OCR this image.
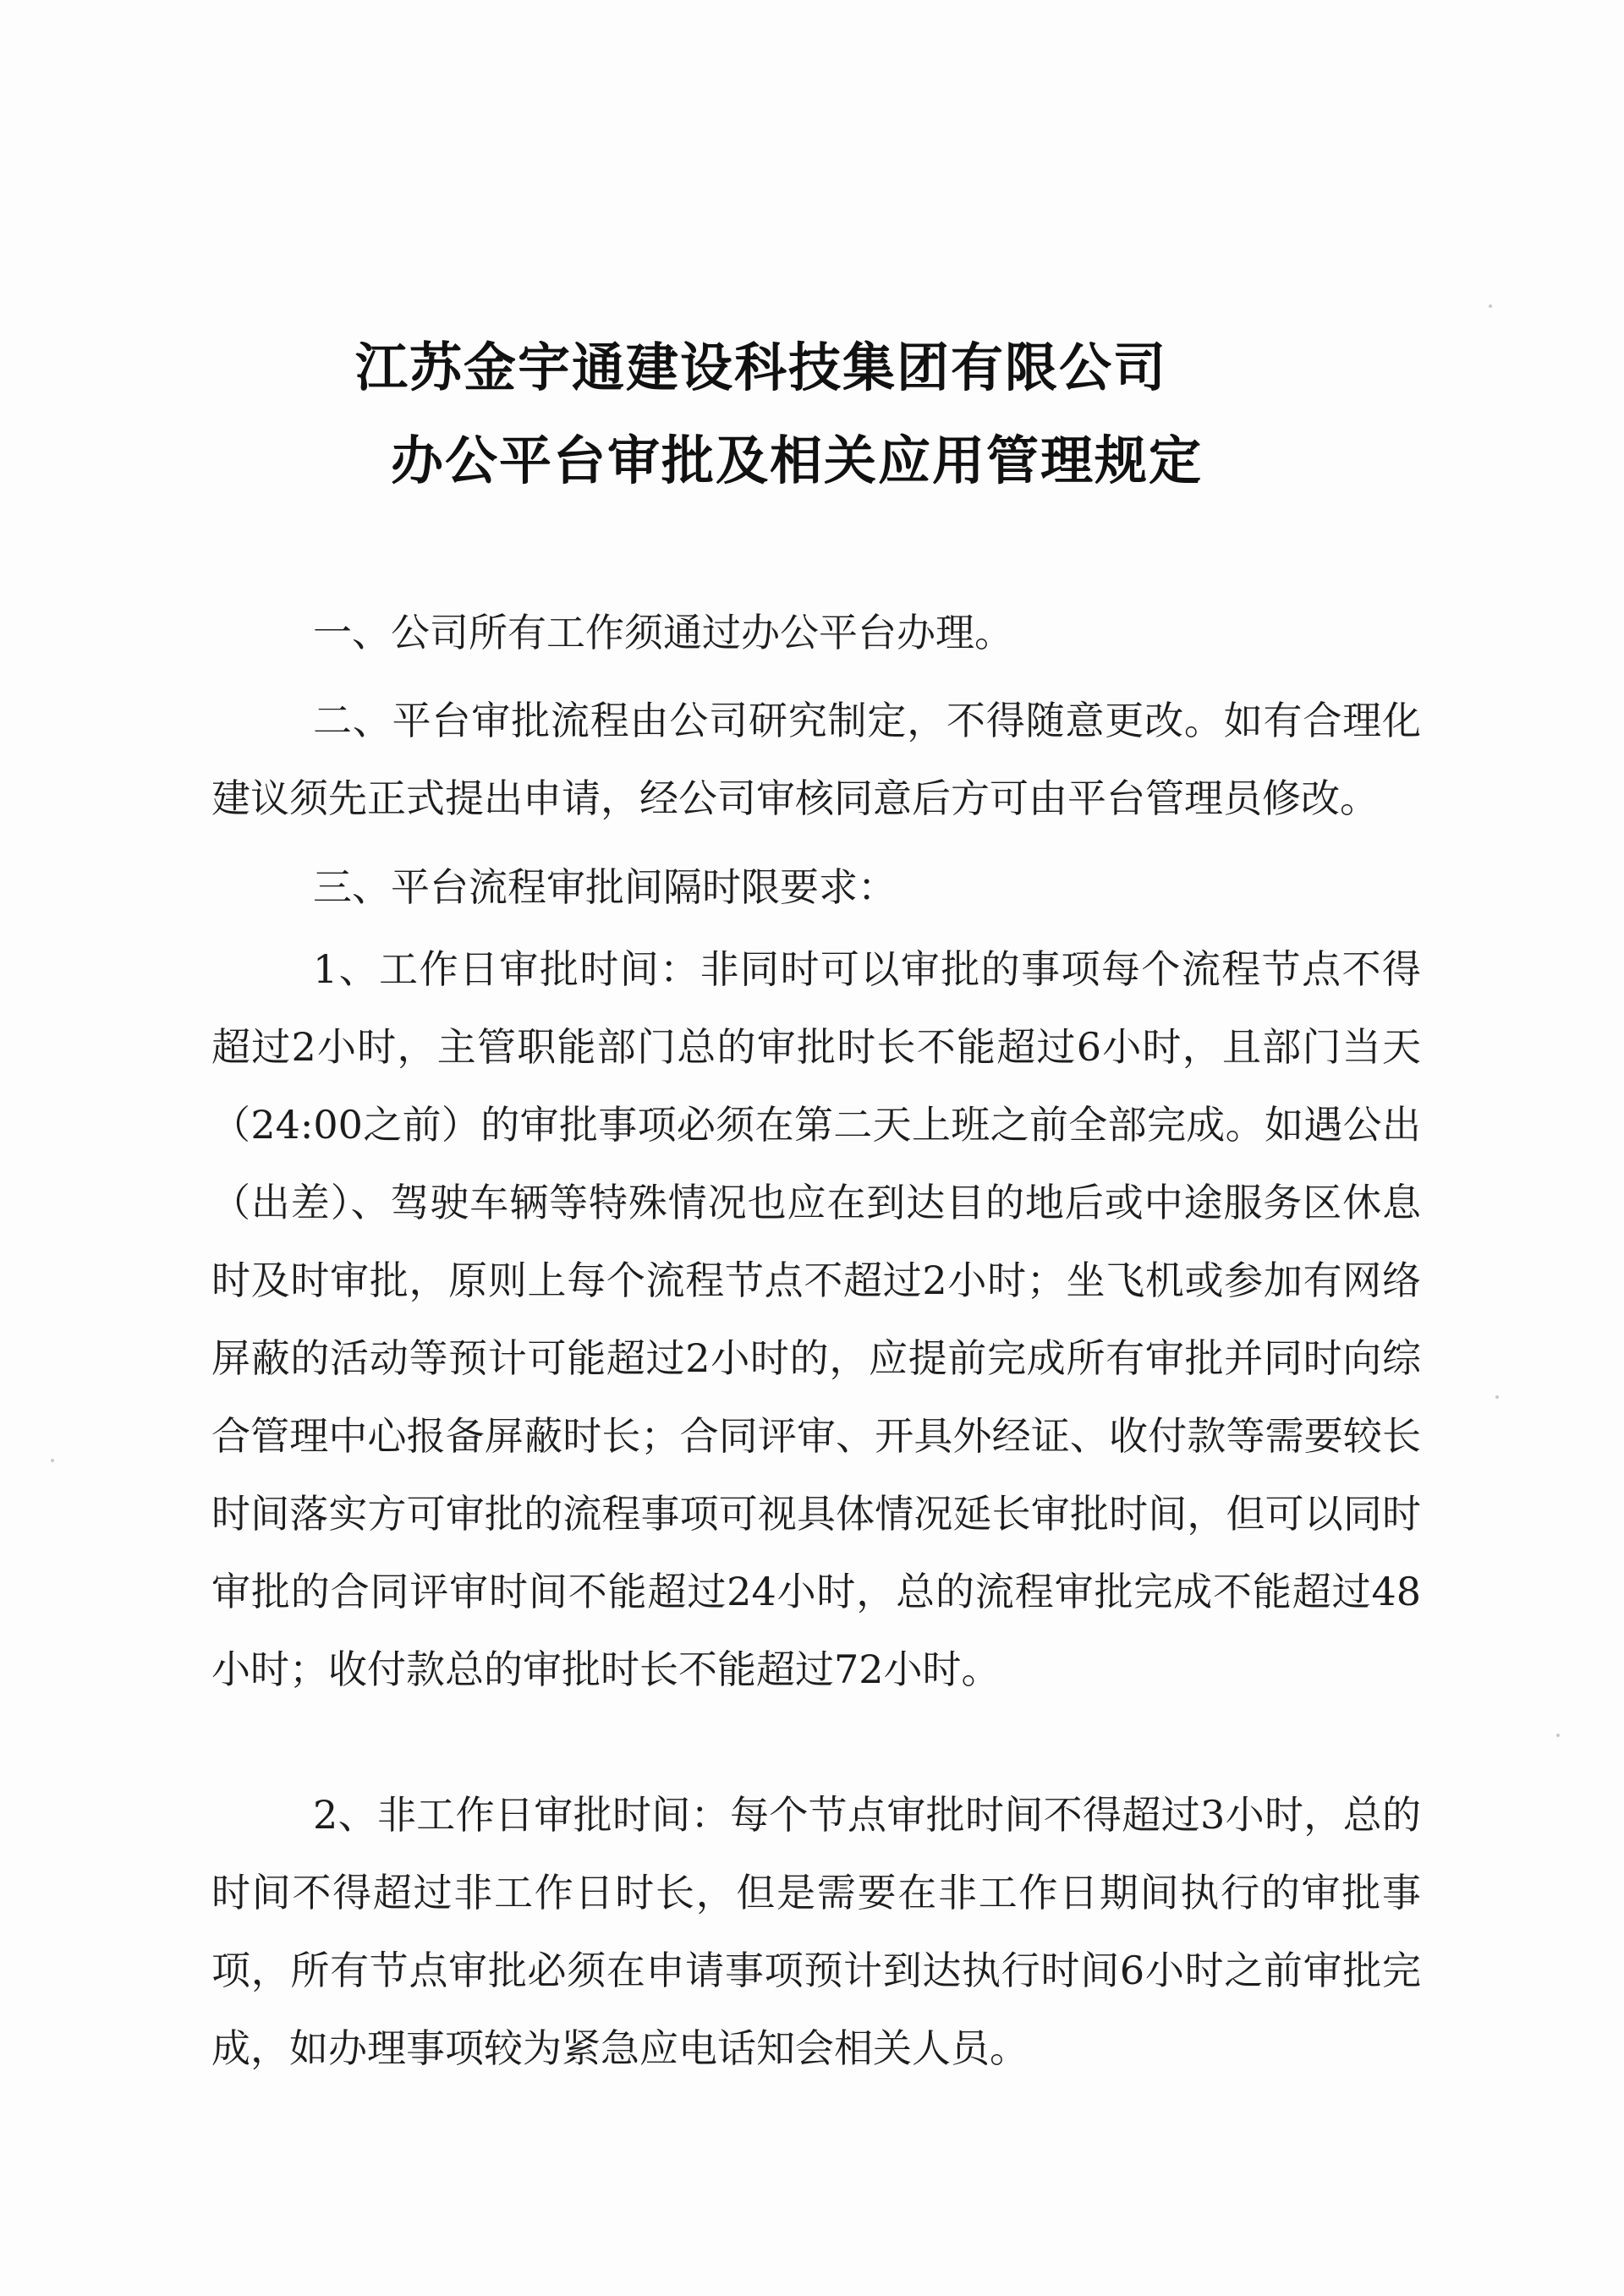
江苏金宇通建设科技集团有限公司
办公平台审批及相关应用管理规定

一、公司所有工作须通过办公平台办理。

二、平台审批流程由公司研究制定，不得随意更改。如有合理化建议须先正式提出申请，经公司审核同意后方可由平台管理员修改。

三、平台流程审批间隔时限要求：

1、工作日审批时间：非同时可以审批的事项每个流程节点不得超过2小时，主管职能部门总的审批时长不能超过6小时，且部门当天（24:00之前）的审批事项必须在第二天上班之前全部完成。如遇公出（出差）、驾驶车辆等特殊情况也应在到达目的地后或中途服务区休息时及时审批，原则上每个流程节点不超过2小时；坐飞机或参加有网络屏蔽的活动等预计可能超过2小时的，应提前完成所有审批并同时向综合管理中心报备屏蔽时长；合同评审、开具外经证、收付款等需要较长时间落实方可审批的流程事项可视具体情况延长审批时间，但可以同时审批的合同评审时间不能超过24小时，总的流程审批完成不能超过48小时；收付款总的审批时长不能超过72小时。

2、非工作日审批时间：每个节点审批时间不得超过3小时，总的时间不得超过非工作日时长，但是需要在非工作日期间执行的审批事项，所有节点审批必须在申请事项预计到达执行时间6小时之前审批完成，如办理事项较为紧急应电话知会相关人员。
